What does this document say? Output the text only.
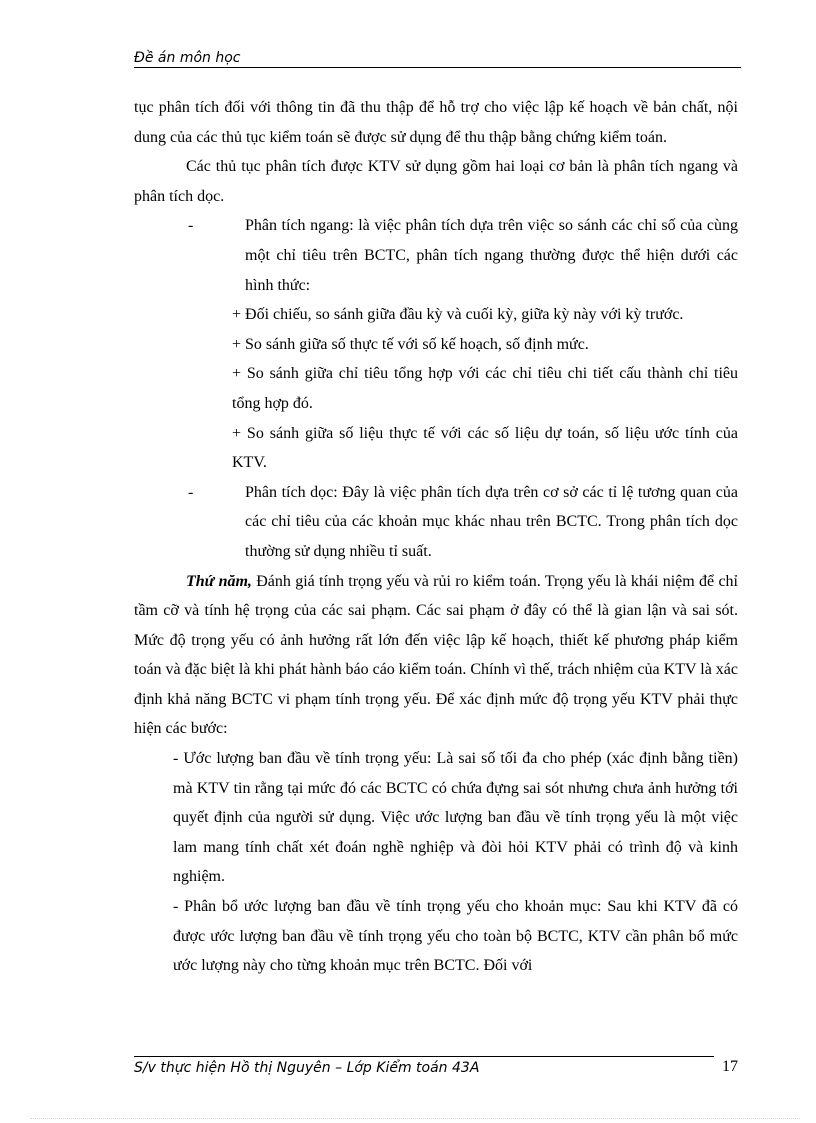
Đề án môn học

tục phân tích đối với thông tin đã thu thập để hỗ trợ cho việc lập kế hoạch về bản chất, nội dung của các thủ tục kiểm toán sẽ được sử dụng để thu thập bằng chứng kiểm toán.

Các thủ tục phân tích được KTV sử dụng gồm hai loại cơ bản là phân tích ngang và phân tích dọc.

-	Phân tích ngang: là việc phân tích dựa trên việc so sánh các chỉ số của cùng một chỉ tiêu trên BCTC, phân tích ngang thường được thể hiện dưới các hình thức:

+ Đối chiếu, so sánh giữa đầu kỳ và cuối kỳ, giữa kỳ này với kỳ trước.

+ So sánh giữa số thực tế với số kế hoạch, số định mức.

+ So sánh giữa chỉ tiêu tổng hợp với các chỉ tiêu chi tiết cấu thành chỉ tiêu tổng hợp đó.

+ So sánh giữa số liệu thực tế với các số liệu dự toán, số liệu ước tính của KTV.

-	Phân tích dọc: Đây là việc phân tích dựa trên cơ sở các tỉ lệ tương quan của các chỉ tiêu của các khoản mục khác nhau trên BCTC. Trong phân tích dọc thường sử dụng nhiều tỉ suất.

Thứ năm, Đánh giá tính trọng yếu và rủi ro kiểm toán. Trọng yếu là khái niệm để chỉ tầm cỡ và tính hệ trọng của các sai phạm. Các sai phạm ở đây có thể là gian lận và sai sót. Mức độ trọng yếu có ảnh hưởng rất lớn đến việc lập kế hoạch, thiết kế phương pháp kiểm toán và đặc biệt là khi phát hành báo cáo kiểm toán. Chính vì thế, trách nhiệm của KTV là xác định khả năng BCTC vi phạm tính trọng yếu. Để xác định mức độ trọng yếu KTV phải thực hiện các bước:

- Ước lượng ban đầu về tính trọng yếu: Là sai số tối đa cho phép (xác định bằng tiền) mà KTV tin rằng tại mức đó các BCTC có chứa đựng sai sót nhưng chưa ảnh hưởng tới quyết định của người sử dụng. Việc ước lượng ban đầu về tính trọng yếu là một việc lam mang tính chất xét đoán nghề nghiệp và đòi hỏi KTV phải có trình độ và kinh nghiệm.

- Phân bổ ước lượng ban đầu về tính trọng yếu cho khoản mục: Sau khi KTV đã có được ước lượng ban đầu về tính trọng yếu cho toàn bộ BCTC, KTV cần phân bổ mức ước lượng này cho từng khoản mục trên BCTC. Đối với

S/v thực hiện Hồ thị Nguyên – Lớp Kiểm toán 43A	17
